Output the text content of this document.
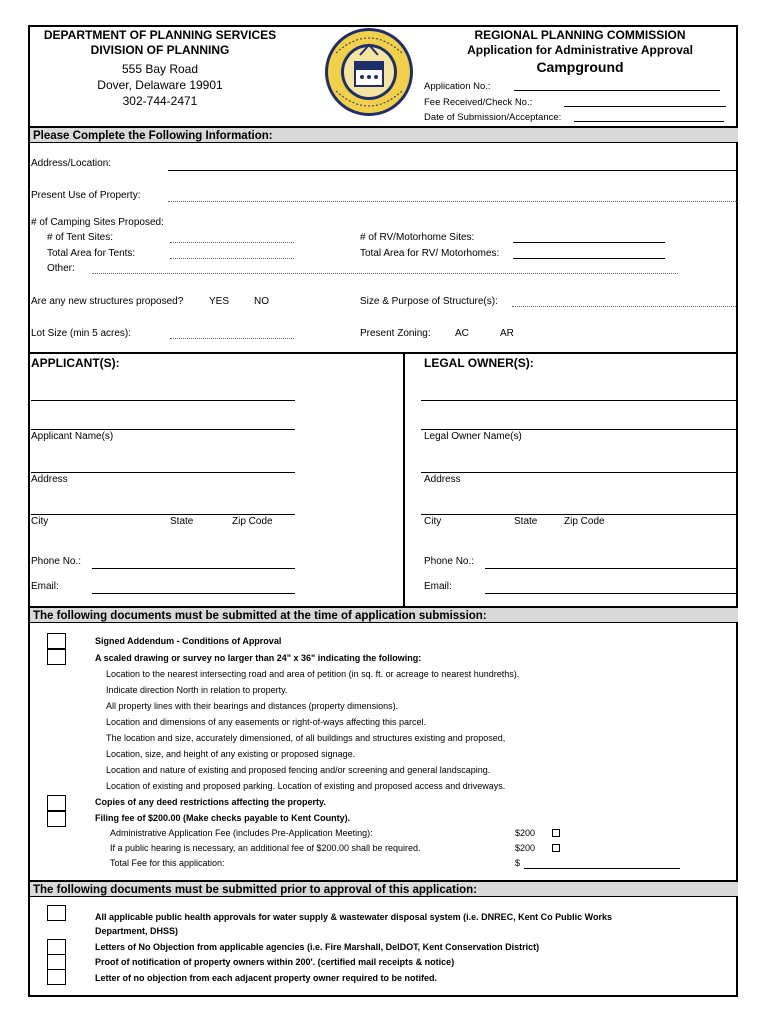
DEPARTMENT OF PLANNING SERVICES
DIVISION OF PLANNING
555 Bay Road
Dover, Delaware 19901
302-744-2471
REGIONAL PLANNING COMMISSION
Application for Administrative Approval
Campground
Application No.:
Fee Received/Check No.:
Date of Submission/Acceptance:
Please Complete the Following Information:
Address/Location:
Present Use of Property:
# of Camping Sites Proposed:
# of Tent Sites:	# of RV/Motorhome Sites:
Total Area for Tents:	Total Area for RV/ Motorhomes:
Other:
Are any new structures proposed?	YES NO	Size & Purpose of Structure(s):
Lot Size (min 5 acres):	Present Zoning: AC	AR
APPLICANT(S):	LEGAL OWNER(S):
Applicant Name(s)	Legal Owner Name(s)
Address	Address
City	State	Zip Code	City	State	Zip Code
Phone No.:	Phone No.:
Email:	Email:
The following documents must be submitted at the time of application submission:
Signed Addendum - Conditions of Approval
A scaled drawing or survey no larger than 24" x 36" indicating the following:
Location to the nearest intersecting road and area of petition (in sq. ft. or acreage to nearest hundreths).
Indicate direction North in relation to property.
All property lines with their bearings and distances (property dimensions).
Location and dimensions of any easements or right-of-ways affecting this parcel.
The location and size, accurately dimensioned, of all buildings and structures existing and proposed,
Location, size, and height of any existing or proposed signage.
Location and nature of existing and proposed fencing and/or screening and general landscaping.
Location of existing and proposed parking. Location of existing and proposed access and driveways.
Copies of any deed restrictions affecting the property.
Filing fee of $200.00 (Make checks payable to Kent County).
Administrative Application Fee (includes Pre-Application Meeting):	$200
If a public hearing is necessary, an additional fee of $200.00 shall be required.	$200
Total Fee for this application:	$
The following documents must be submitted prior to approval of this application:
All applicable public health approvals for water supply & wastewater disposal system (i.e. DNREC, Kent Co Public Works
Department, DHSS)
Letters of No Objection from applicable agencies (i.e. Fire Marshall, DelDOT, Kent Conservation District)
Proof of notification of property owners within 200'. (certified mail receipts & notice)
Letter of no objection from each adjacent property owner required to be notifed.
